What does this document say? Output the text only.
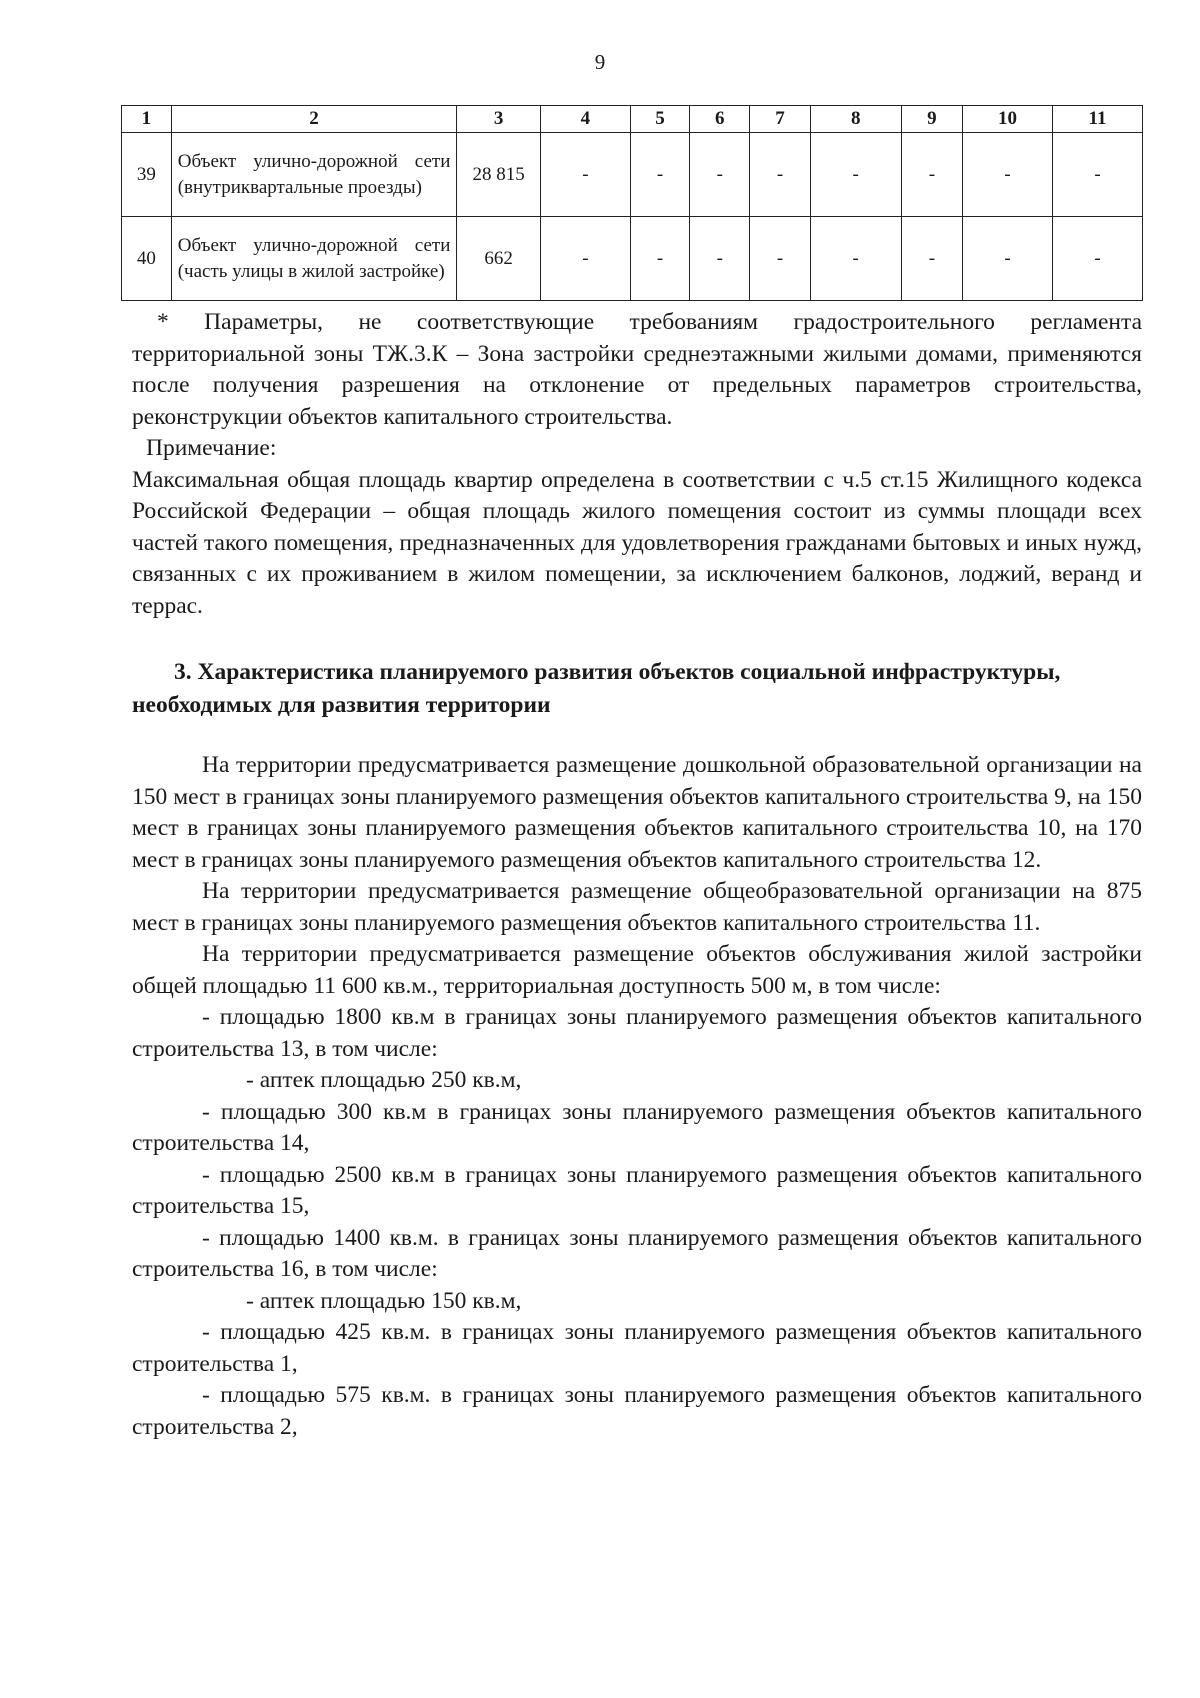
9
1	2	3	4	5	6	7	8	9	10	11
39	Объект улично-дорожной сети (внутриквартальные проезды)	28 815	-	-	-	-	-	-	-	-
40	Объект улично-дорожной сети (часть улицы в жилой застройке)	662	-	-	-	-	-	-	-	-

* Параметры, не соответствующие требованиям градостроительного регламента территориальной зоны ТЖ.3.К – Зона застройки среднеэтажными жилыми домами, применяются после получения разрешения на отклонение от предельных параметров строительства, реконструкции объектов капитального строительства.

Примечание:

Максимальная общая площадь квартир определена в соответствии с ч.5 ст.15 Жилищного кодекса Российской Федерации – общая площадь жилого помещения состоит из суммы площади всех частей такого помещения, предназначенных для удовлетворения гражданами бытовых и иных нужд, связанных с их проживанием в жилом помещении, за исключением балконов, лоджий, веранд и террас.

3. Характеристика планируемого развития объектов социальной инфраструктуры, необходимых для развития территории

На территории предусматривается размещение дошкольной образовательной организации на 150 мест в границах зоны планируемого размещения объектов капитального строительства 9, на 150 мест в границах зоны планируемого размещения объектов капитального строительства 10, на 170 мест в границах зоны планируемого размещения объектов капитального строительства 12.

На территории предусматривается размещение общеобразовательной организации на 875 мест в границах зоны планируемого размещения объектов капитального строительства 11.

На территории предусматривается размещение объектов обслуживания жилой застройки общей площадью 11 600 кв.м., территориальная доступность 500 м, в том числе:

- площадью 1800 кв.м в границах зоны планируемого размещения объектов капитального строительства 13, в том числе:

- аптек площадью 250 кв.м,

- площадью 300 кв.м в границах зоны планируемого размещения объектов капитального строительства 14,

- площадью 2500 кв.м в границах зоны планируемого размещения объектов капитального строительства 15,

- площадью 1400 кв.м. в границах зоны планируемого размещения объектов капитального строительства 16, в том числе:

- аптек площадью 150 кв.м,

- площадью 425 кв.м. в границах зоны планируемого размещения объектов капитального строительства 1,

- площадью 575 кв.м. в границах зоны планируемого размещения объектов капитального строительства 2,
